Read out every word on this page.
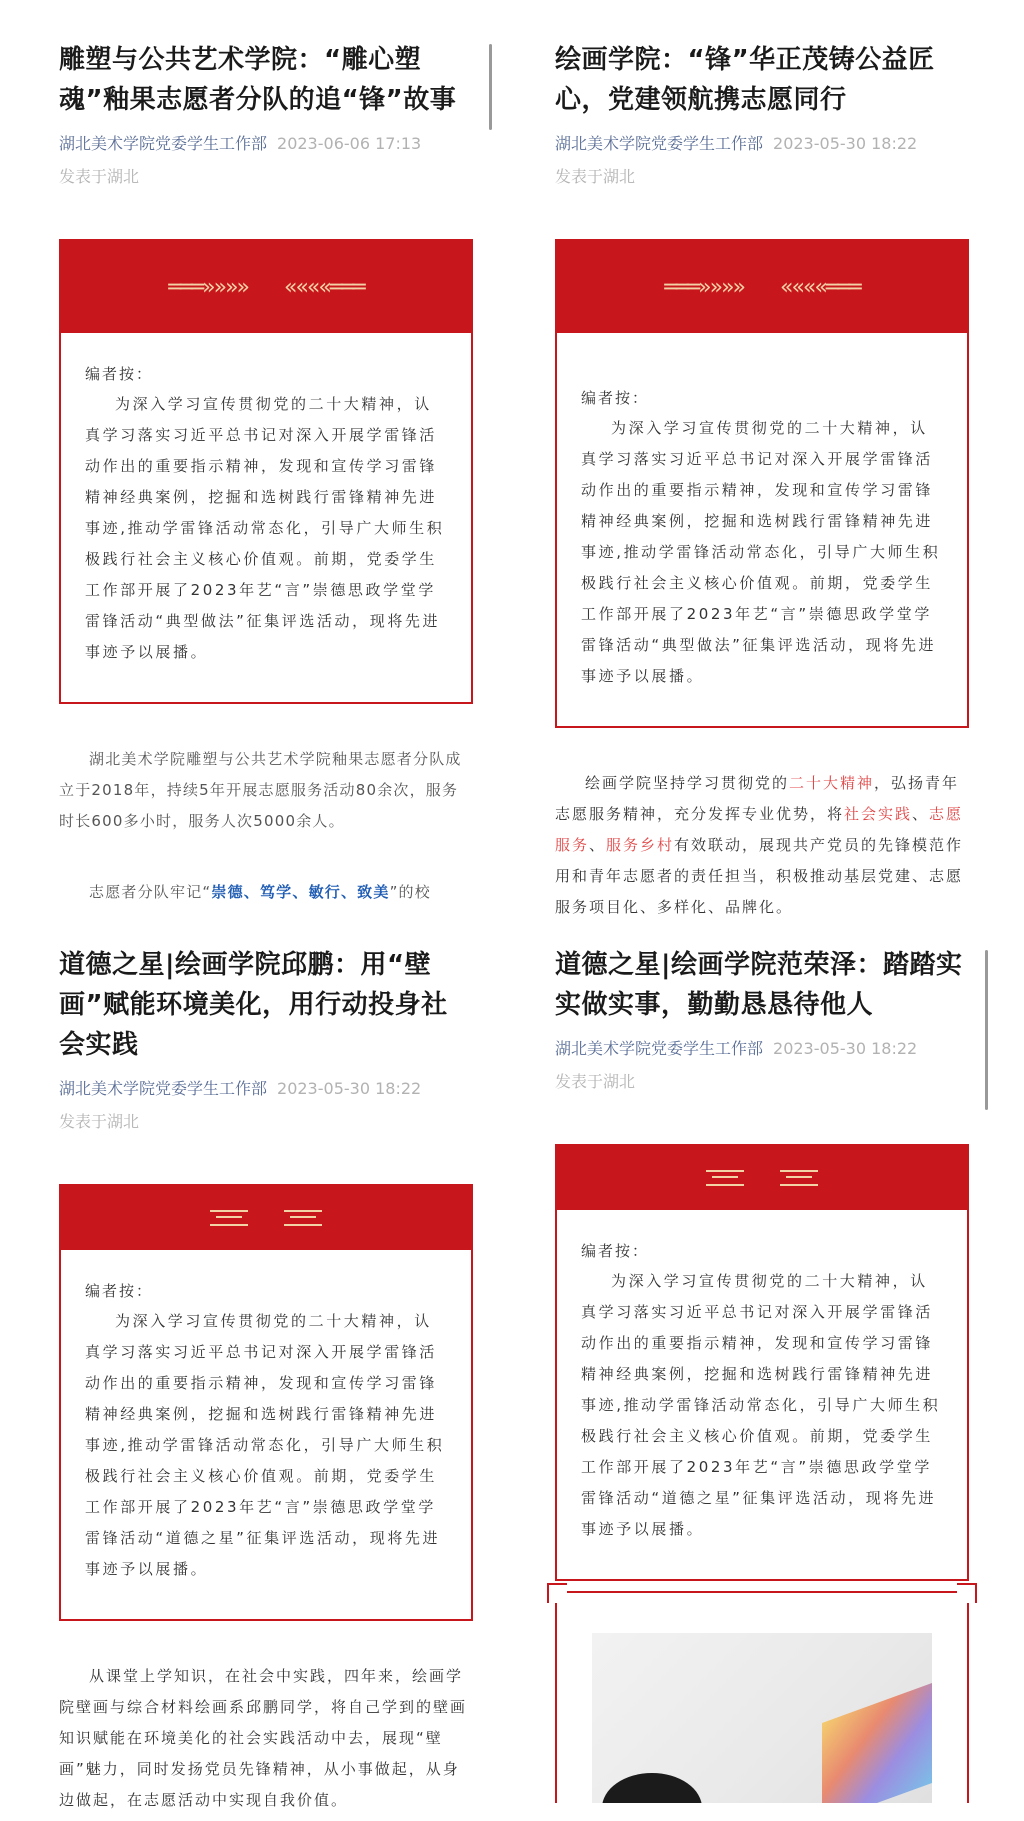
雕塑与公共艺术学院：“雕心塑魂”釉果志愿者分队的追“锋”故事
湖北美术学院党委学生工作部 2023-06-06 17:13
发表于湖北
═══»»»» ««««═══
编者按：

为深入学习宣传贯彻党的二十大精神，认真学习落实习近平总书记对深入开展学雷锋活动作出的重要指示精神，发现和宣传学习雷锋精神经典案例，挖掘和选树践行雷锋精神先进事迹,推动学雷锋活动常态化，引导广大师生积极践行社会主义核心价值观。前期，党委学生工作部开展了2023年艺“言”崇德思政学堂学雷锋活动“典型做法”征集评选活动，现将先进事迹予以展播。

湖北美术学院雕塑与公共艺术学院釉果志愿者分队成立于2018年，持续5年开展志愿服务活动80余次，服务时长600多小时，服务人次5000余人。

志愿者分队牢记“崇德、笃学、敏行、致美”的校

绘画学院：“锋”华正茂铸公益匠心，党建领航携志愿同行
湖北美术学院党委学生工作部 2023-05-30 18:22
发表于湖北
═══»»»» ««««═══
编者按：

为深入学习宣传贯彻党的二十大精神，认真学习落实习近平总书记对深入开展学雷锋活动作出的重要指示精神，发现和宣传学习雷锋精神经典案例，挖掘和选树践行雷锋精神先进事迹,推动学雷锋活动常态化，引导广大师生积极践行社会主义核心价值观。前期，党委学生工作部开展了2023年艺“言”崇德思政学堂学雷锋活动“典型做法”征集评选活动，现将先进事迹予以展播。

绘画学院坚持学习贯彻党的二十大精神，弘扬青年志愿服务精神，充分发挥专业优势，将社会实践、志愿服务、服务乡村有效联动，展现共产党员的先锋模范作用和青年志愿者的责任担当，积极推动基层党建、志愿服务项目化、多样化、品牌化。

道德之星|绘画学院邱鹏：用“壁画”赋能环境美化，用行动投身社会实践
湖北美术学院党委学生工作部 2023-05-30 18:22
发表于湖北
编者按：

为深入学习宣传贯彻党的二十大精神，认真学习落实习近平总书记对深入开展学雷锋活动作出的重要指示精神，发现和宣传学习雷锋精神经典案例，挖掘和选树践行雷锋精神先进事迹,推动学雷锋活动常态化，引导广大师生积极践行社会主义核心价值观。前期，党委学生工作部开展了2023年艺“言”崇德思政学堂学雷锋活动“道德之星”征集评选活动，现将先进事迹予以展播。

从课堂上学知识，在社会中实践，四年来，绘画学院壁画与综合材料绘画系邱鹏同学，将自己学到的壁画知识赋能在环境美化的社会实践活动中去，展现“壁画”魅力，同时发扬党员先锋精神，从小事做起，从身边做起，在志愿活动中实现自我价值。

道德之星|绘画学院范荣泽：踏踏实实做实事，勤勤恳恳待他人
湖北美术学院党委学生工作部 2023-05-30 18:22
发表于湖北
编者按：

为深入学习宣传贯彻党的二十大精神，认真学习落实习近平总书记对深入开展学雷锋活动作出的重要指示精神，发现和宣传学习雷锋精神经典案例，挖掘和选树践行雷锋精神先进事迹,推动学雷锋活动常态化，引导广大师生积极践行社会主义核心价值观。前期，党委学生工作部开展了2023年艺“言”崇德思政学堂学雷锋活动“道德之星”征集评选活动，现将先进事迹予以展播。
